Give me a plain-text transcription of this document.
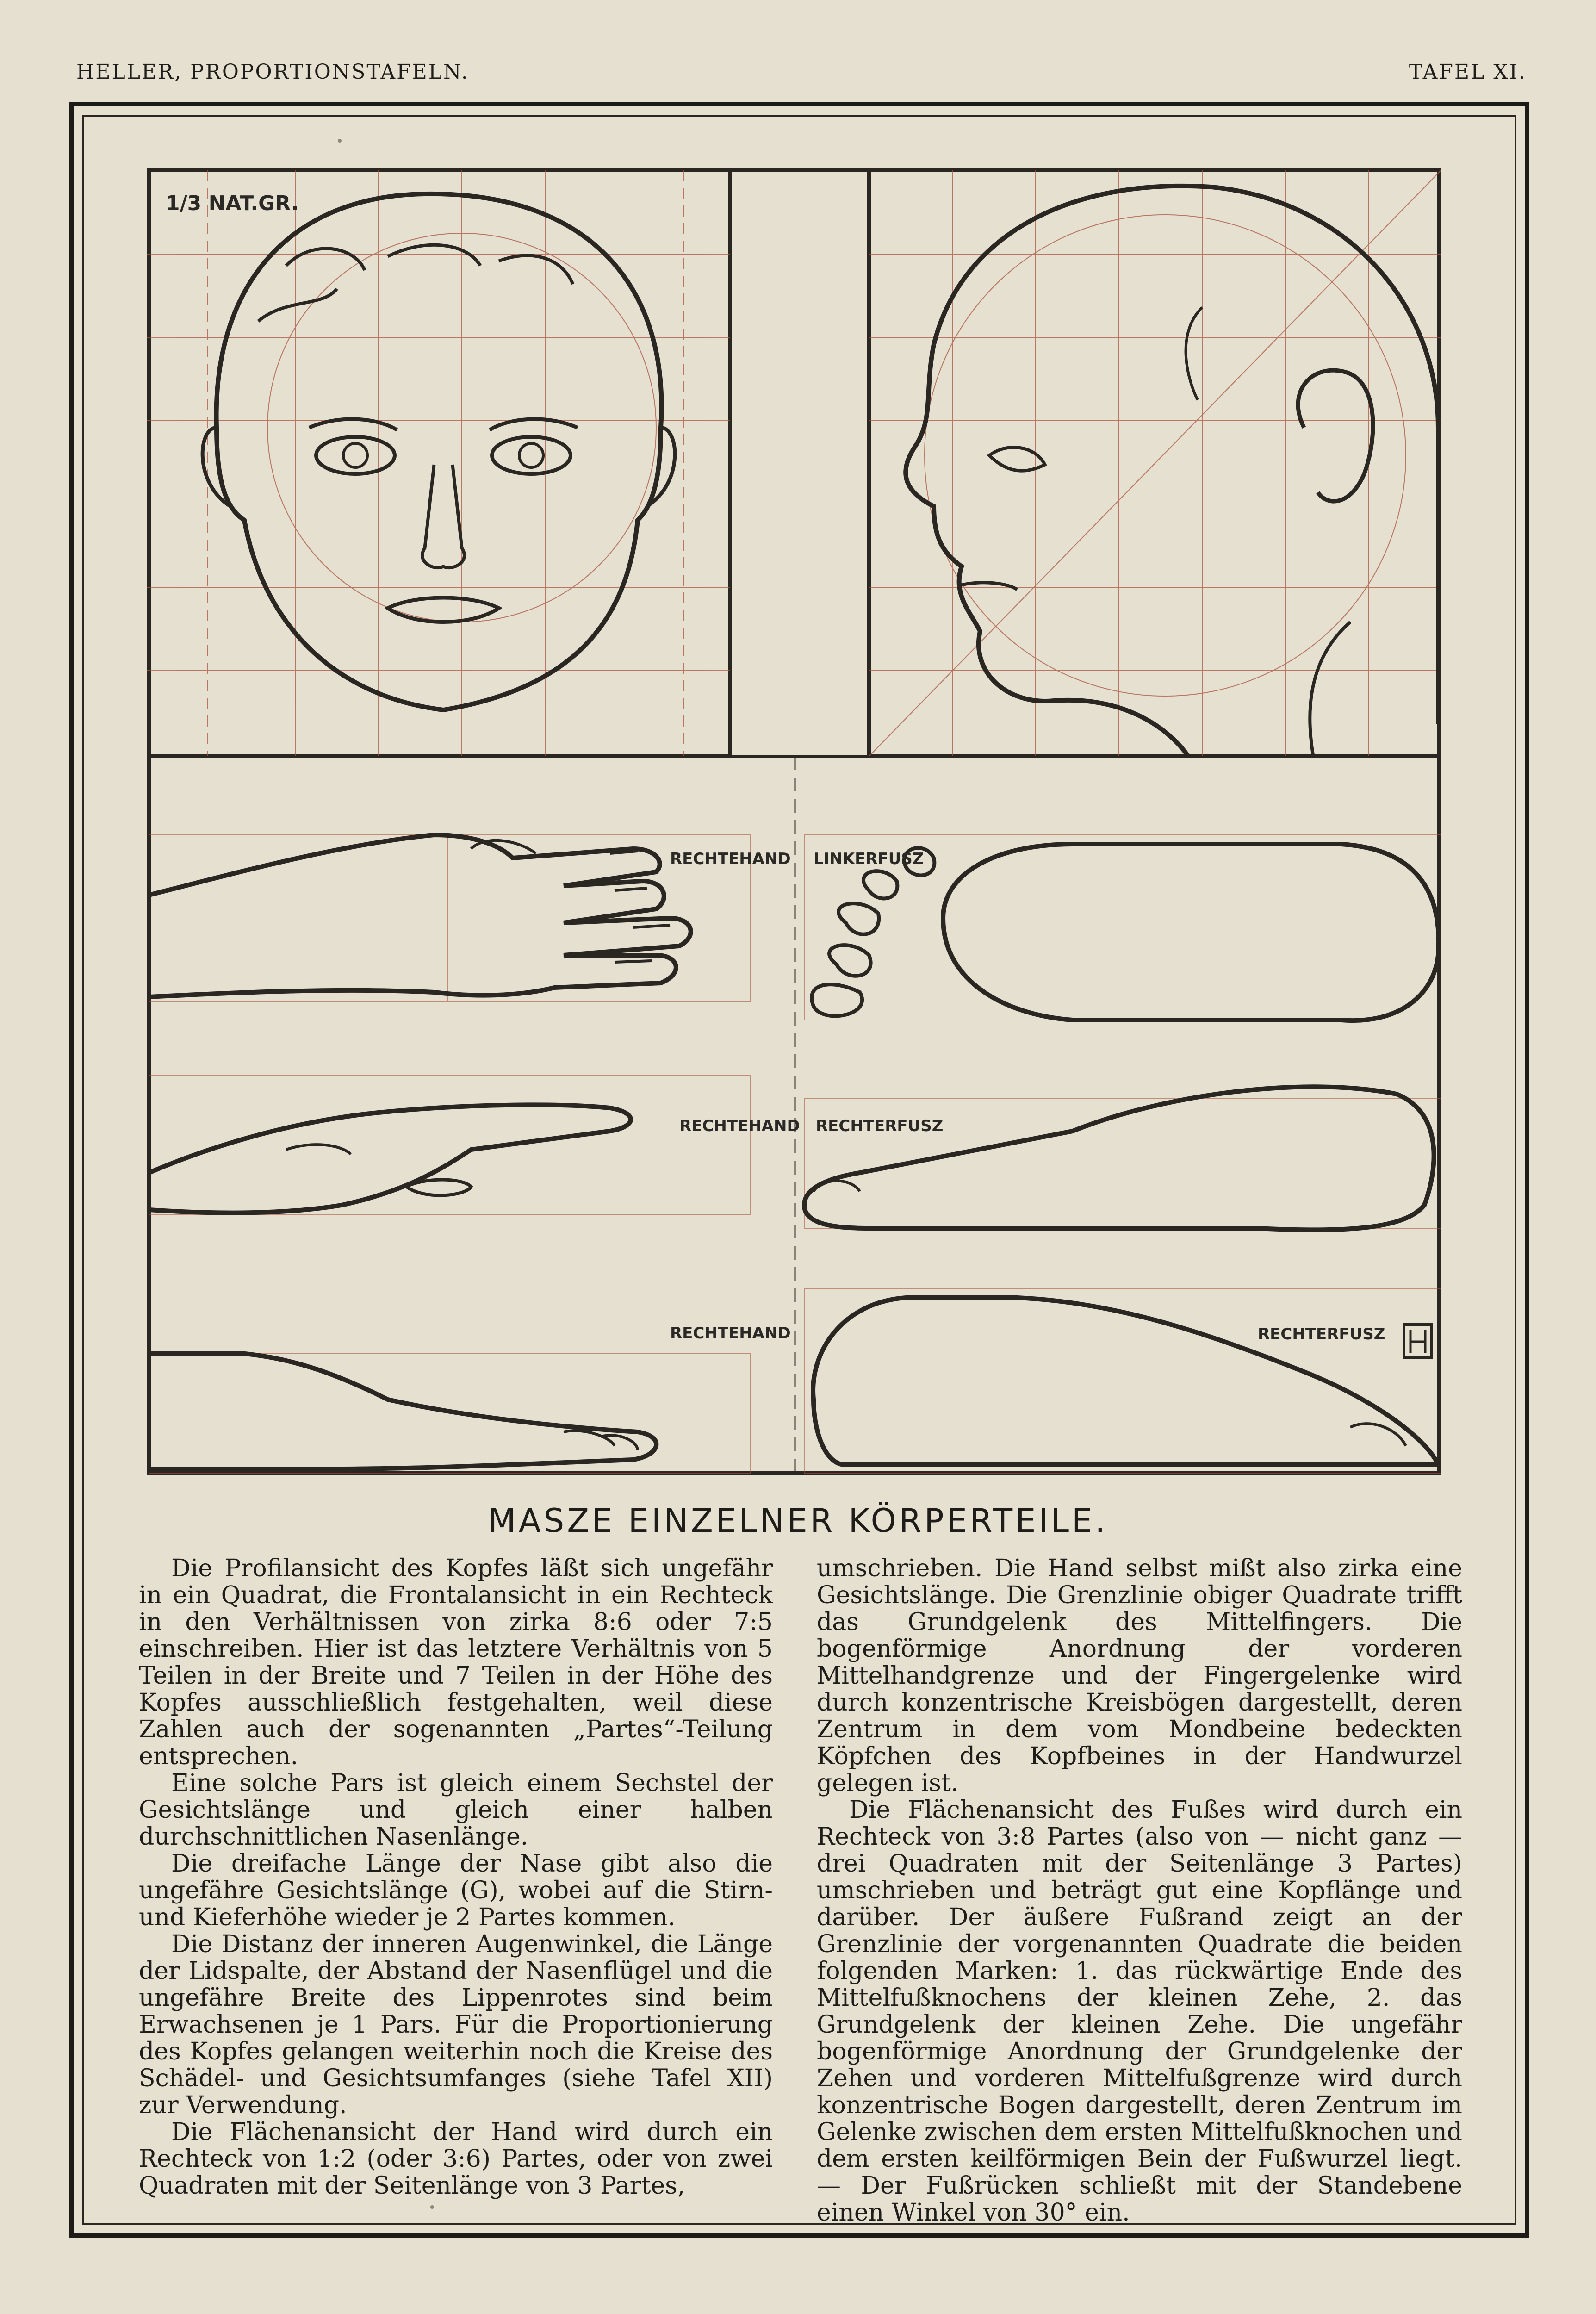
HELLER, PROPORTIONSTAFELN.	TAFEL XI.
1/3 NAT.GR.
RECHTEHAND LINKERFUSZ
RECHTEHAND RECHTERFUSZ
RECHTEHAND	RECHTERFUSZ
MASZE EINZELNER KÖRPERTEILE.

Die Profilansicht des Kopfes läßt sich ungefähr in ein Quadrat, die Frontalansicht in ein Rechteck in den Verhältnissen von zirka 8:6 oder 7:5 einschreiben. Hier ist das letztere Verhältnis von 5 Teilen in der Breite und 7 Teilen in der Höhe des Kopfes ausschließlich festgehalten, weil diese Zahlen auch der sogenannten „Partes“-Teilung entsprechen.

Eine solche Pars ist gleich einem Sechstel der Gesichtslänge und gleich einer halben durchschnittlichen Nasenlänge.

Die dreifache Länge der Nase gibt also die ungefähre Gesichtslänge (G), wobei auf die Stirn- und Kieferhöhe wieder je 2 Partes kommen.

Die Distanz der inneren Augenwinkel, die Länge der Lidspalte, der Abstand der Nasenflügel und die ungefähre Breite des Lippenrotes sind beim Erwachsenen je 1 Pars. Für die Proportionierung des Kopfes gelangen weiterhin noch die Kreise des Schädel- und Gesichtsumfanges (siehe Tafel XII) zur Verwendung.

Die Flächenansicht der Hand wird durch ein Rechteck von 1:2 (oder 3:6) Partes, oder von zwei Quadraten mit der Seitenlänge von 3 Partes,

umschrieben. Die Hand selbst mißt also zirka eine Gesichtslänge. Die Grenzlinie obiger Quadrate trifft das Grundgelenk des Mittelfingers. Die bogenförmige Anordnung der vorderen Mittelhandgrenze und der Fingergelenke wird durch konzentrische Kreisbögen dargestellt, deren Zentrum in dem vom Mondbeine bedeckten Köpfchen des Kopfbeines in der Handwurzel gelegen ist.

Die Flächenansicht des Fußes wird durch ein Rechteck von 3:8 Partes (also von — nicht ganz — drei Quadraten mit der Seitenlänge 3 Partes) umschrieben und beträgt gut eine Kopflänge und darüber. Der äußere Fußrand zeigt an der Grenzlinie der vorgenannten Quadrate die beiden folgenden Marken: 1. das rückwärtige Ende des Mittelfußknochens der kleinen Zehe, 2. das Grundgelenk der kleinen Zehe. Die ungefähr bogenförmige Anordnung der Grundgelenke der Zehen und vorderen Mittelfußgrenze wird durch konzentrische Bogen dargestellt, deren Zentrum im Gelenke zwischen dem ersten Mittelfußknochen und dem ersten keilförmigen Bein der Fußwurzel liegt. — Der Fußrücken schließt mit der Standebene einen Winkel von 30° ein.
